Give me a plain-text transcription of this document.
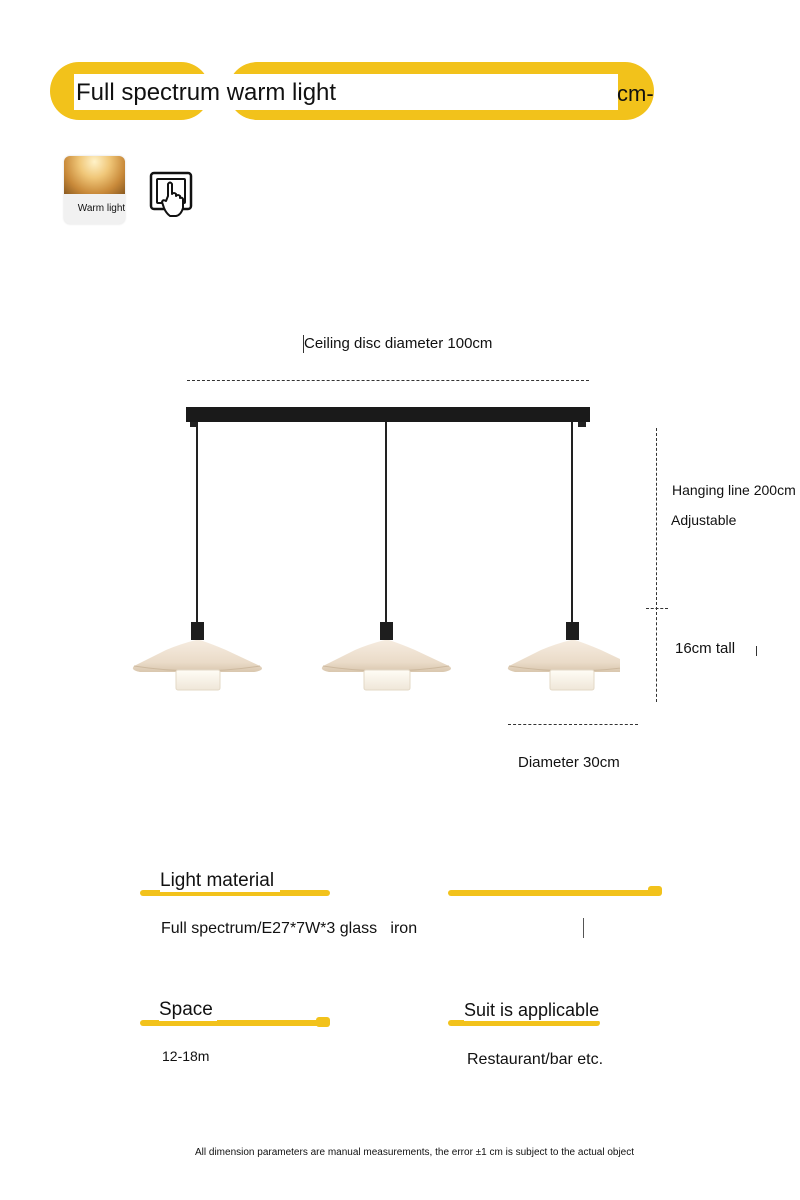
Full spectrum warm light	cm-
Warm light
Ceiling disc diameter 100cm
Hanging line 200cm
Adjustable
16cm tall
Diameter 30cm
Light material
Full spectrum/E27*7W*3 glass   iron
Space
12-18m
Suit is applicable
Restaurant/bar etc.
All dimension parameters are manual measurements, the error ±1 cm is subject to the actual object
